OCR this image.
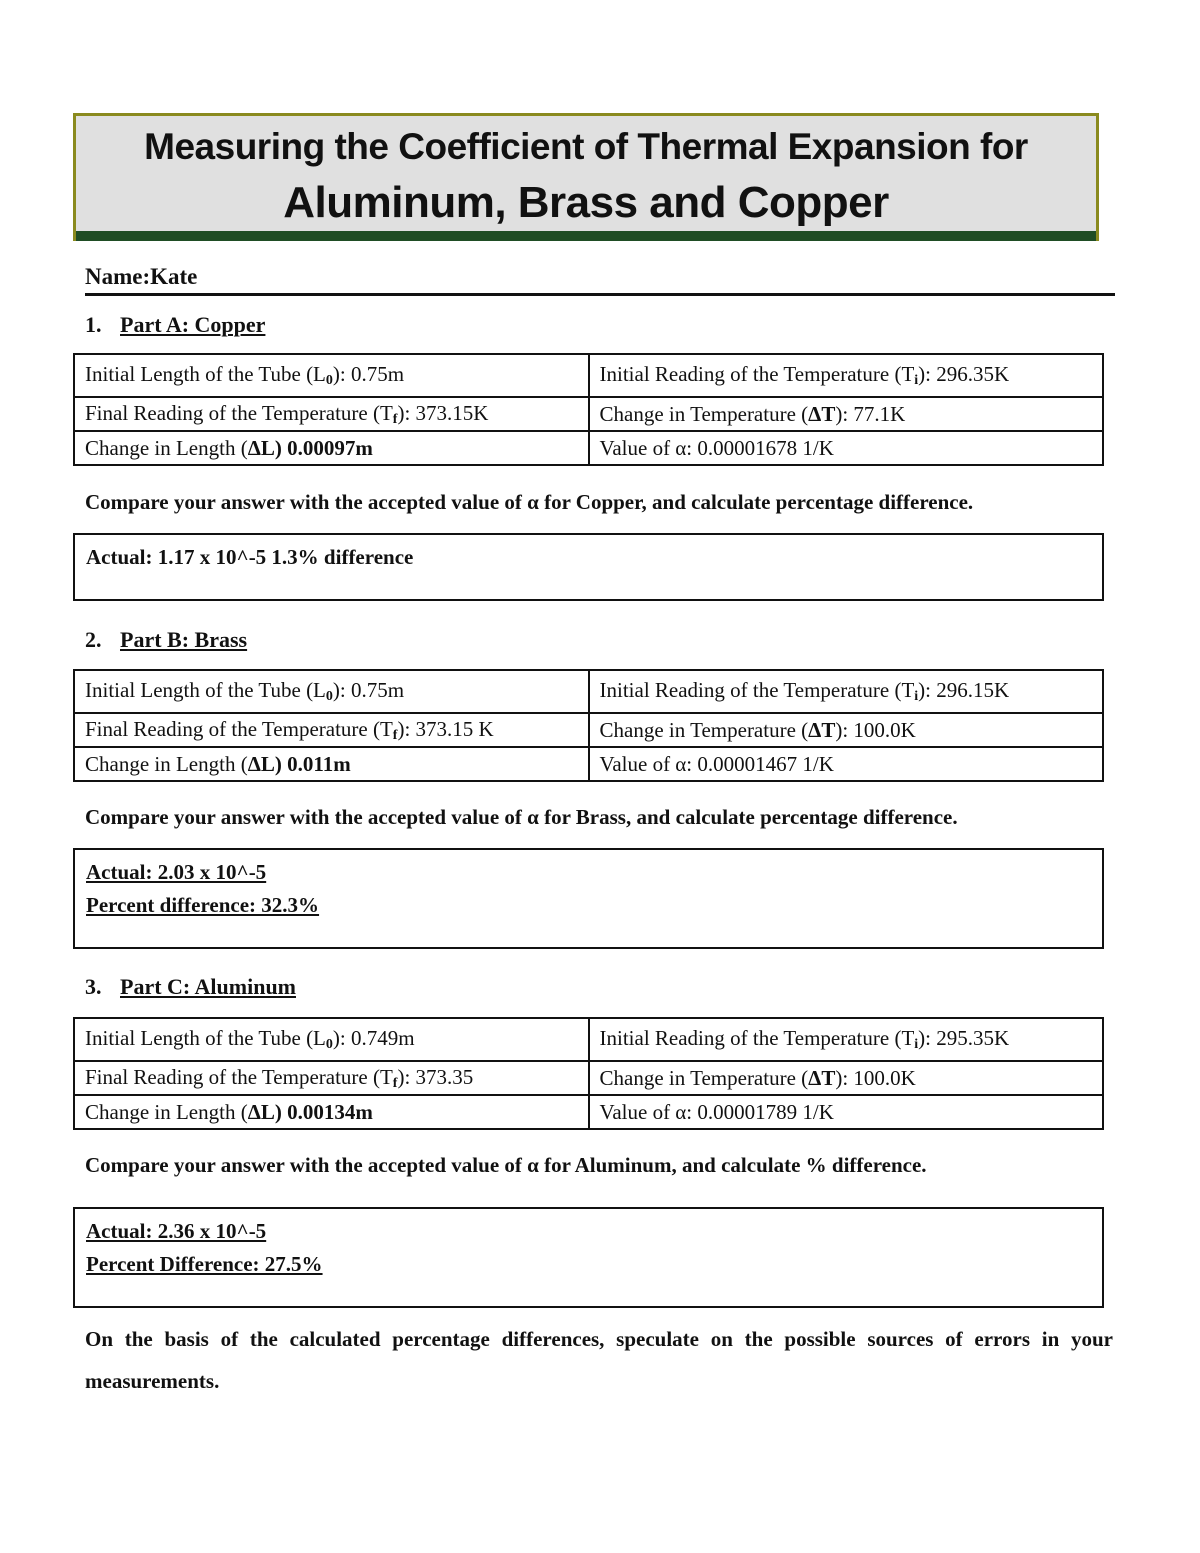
Measuring the Coefficient of Thermal Expansion for
Aluminum, Brass and Copper
Name:Kate
1. Part A: Copper
Initial Length of the Tube (L0): 0.75m	Initial Reading of the Temperature (Ti): 296.35K
Final Reading of the Temperature (Tf): 373.15K	Change in Temperature (ΔT): 77.1K
Change in Length (ΔL) 0.00097m	Value of α: 0.00001678 1/K
Compare your answer with the accepted value of α for Copper, and calculate percentage difference.
Actual: 1.17 x 10^-5 1.3% difference
2. Part B: Brass
Initial Length of the Tube (L0): 0.75m	Initial Reading of the Temperature (Ti): 296.15K
Final Reading of the Temperature (Tf): 373.15 K	Change in Temperature (ΔT): 100.0K
Change in Length (ΔL) 0.011m	Value of α: 0.00001467 1/K
Compare your answer with the accepted value of α for Brass, and calculate percentage difference.
Actual: 2.03 x 10^-5
Percent difference: 32.3%
3. Part C: Aluminum
Initial Length of the Tube (L0): 0.749m	Initial Reading of the Temperature (Ti): 295.35K
Final Reading of the Temperature (Tf): 373.35	Change in Temperature (ΔT): 100.0K
Change in Length (ΔL) 0.00134m	Value of α: 0.00001789 1/K
Compare your answer with the accepted value of α for Aluminum, and calculate % difference.
Actual: 2.36 x 10^-5
Percent Difference: 27.5%
On the basis of the calculated percentage differences, speculate on the possible sources of errors in your measurements.
